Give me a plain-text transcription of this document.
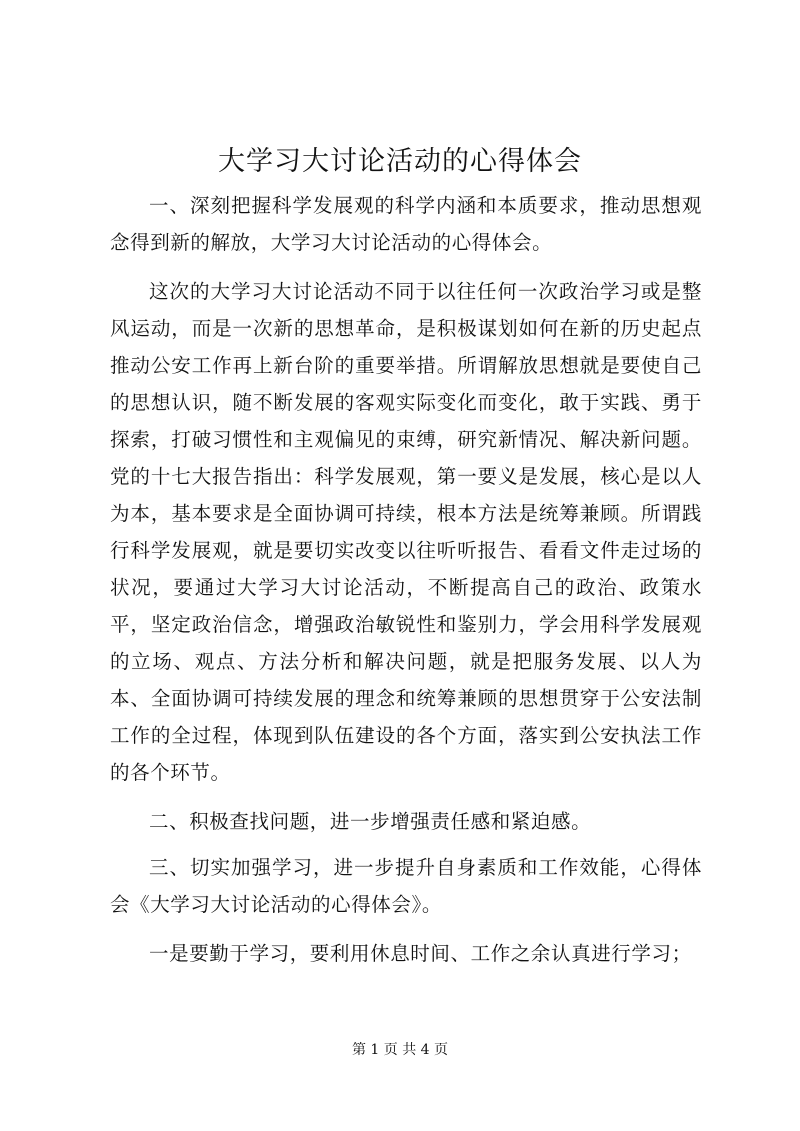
大学习大讨论活动的心得体会

一、深刻把握科学发展观的科学内涵和本质要求，推动思想观念得到新的解放，大学习大讨论活动的心得体会。

这次的大学习大讨论活动不同于以往任何一次政治学习或是整风运动，而是一次新的思想革命，是积极谋划如何在新的历史起点推动公安工作再上新台阶的重要举措。所谓解放思想就是要使自己的思想认识，随不断发展的客观实际变化而变化，敢于实践、勇于探索，打破习惯性和主观偏见的束缚，研究新情况、解决新问题。党的十七大报告指出：科学发展观，第一要义是发展，核心是以人为本，基本要求是全面协调可持续，根本方法是统筹兼顾。所谓践行科学发展观，就是要切实改变以往听听报告、看看文件走过场的状况，要通过大学习大讨论活动，不断提高自己的政治、政策水平，坚定政治信念，增强政治敏锐性和鉴别力，学会用科学发展观的立场、观点、方法分析和解决问题，就是把服务发展、以人为本、全面协调可持续发展的理念和统筹兼顾的思想贯穿于公安法制工作的全过程，体现到队伍建设的各个方面，落实到公安执法工作的各个环节。

二、积极查找问题，进一步增强责任感和紧迫感。

三、切实加强学习，进一步提升自身素质和工作效能，心得体会《大学习大讨论活动的心得体会》。

一是要勤于学习，要利用休息时间、工作之余认真进行学习；

第 1 页 共 4 页
